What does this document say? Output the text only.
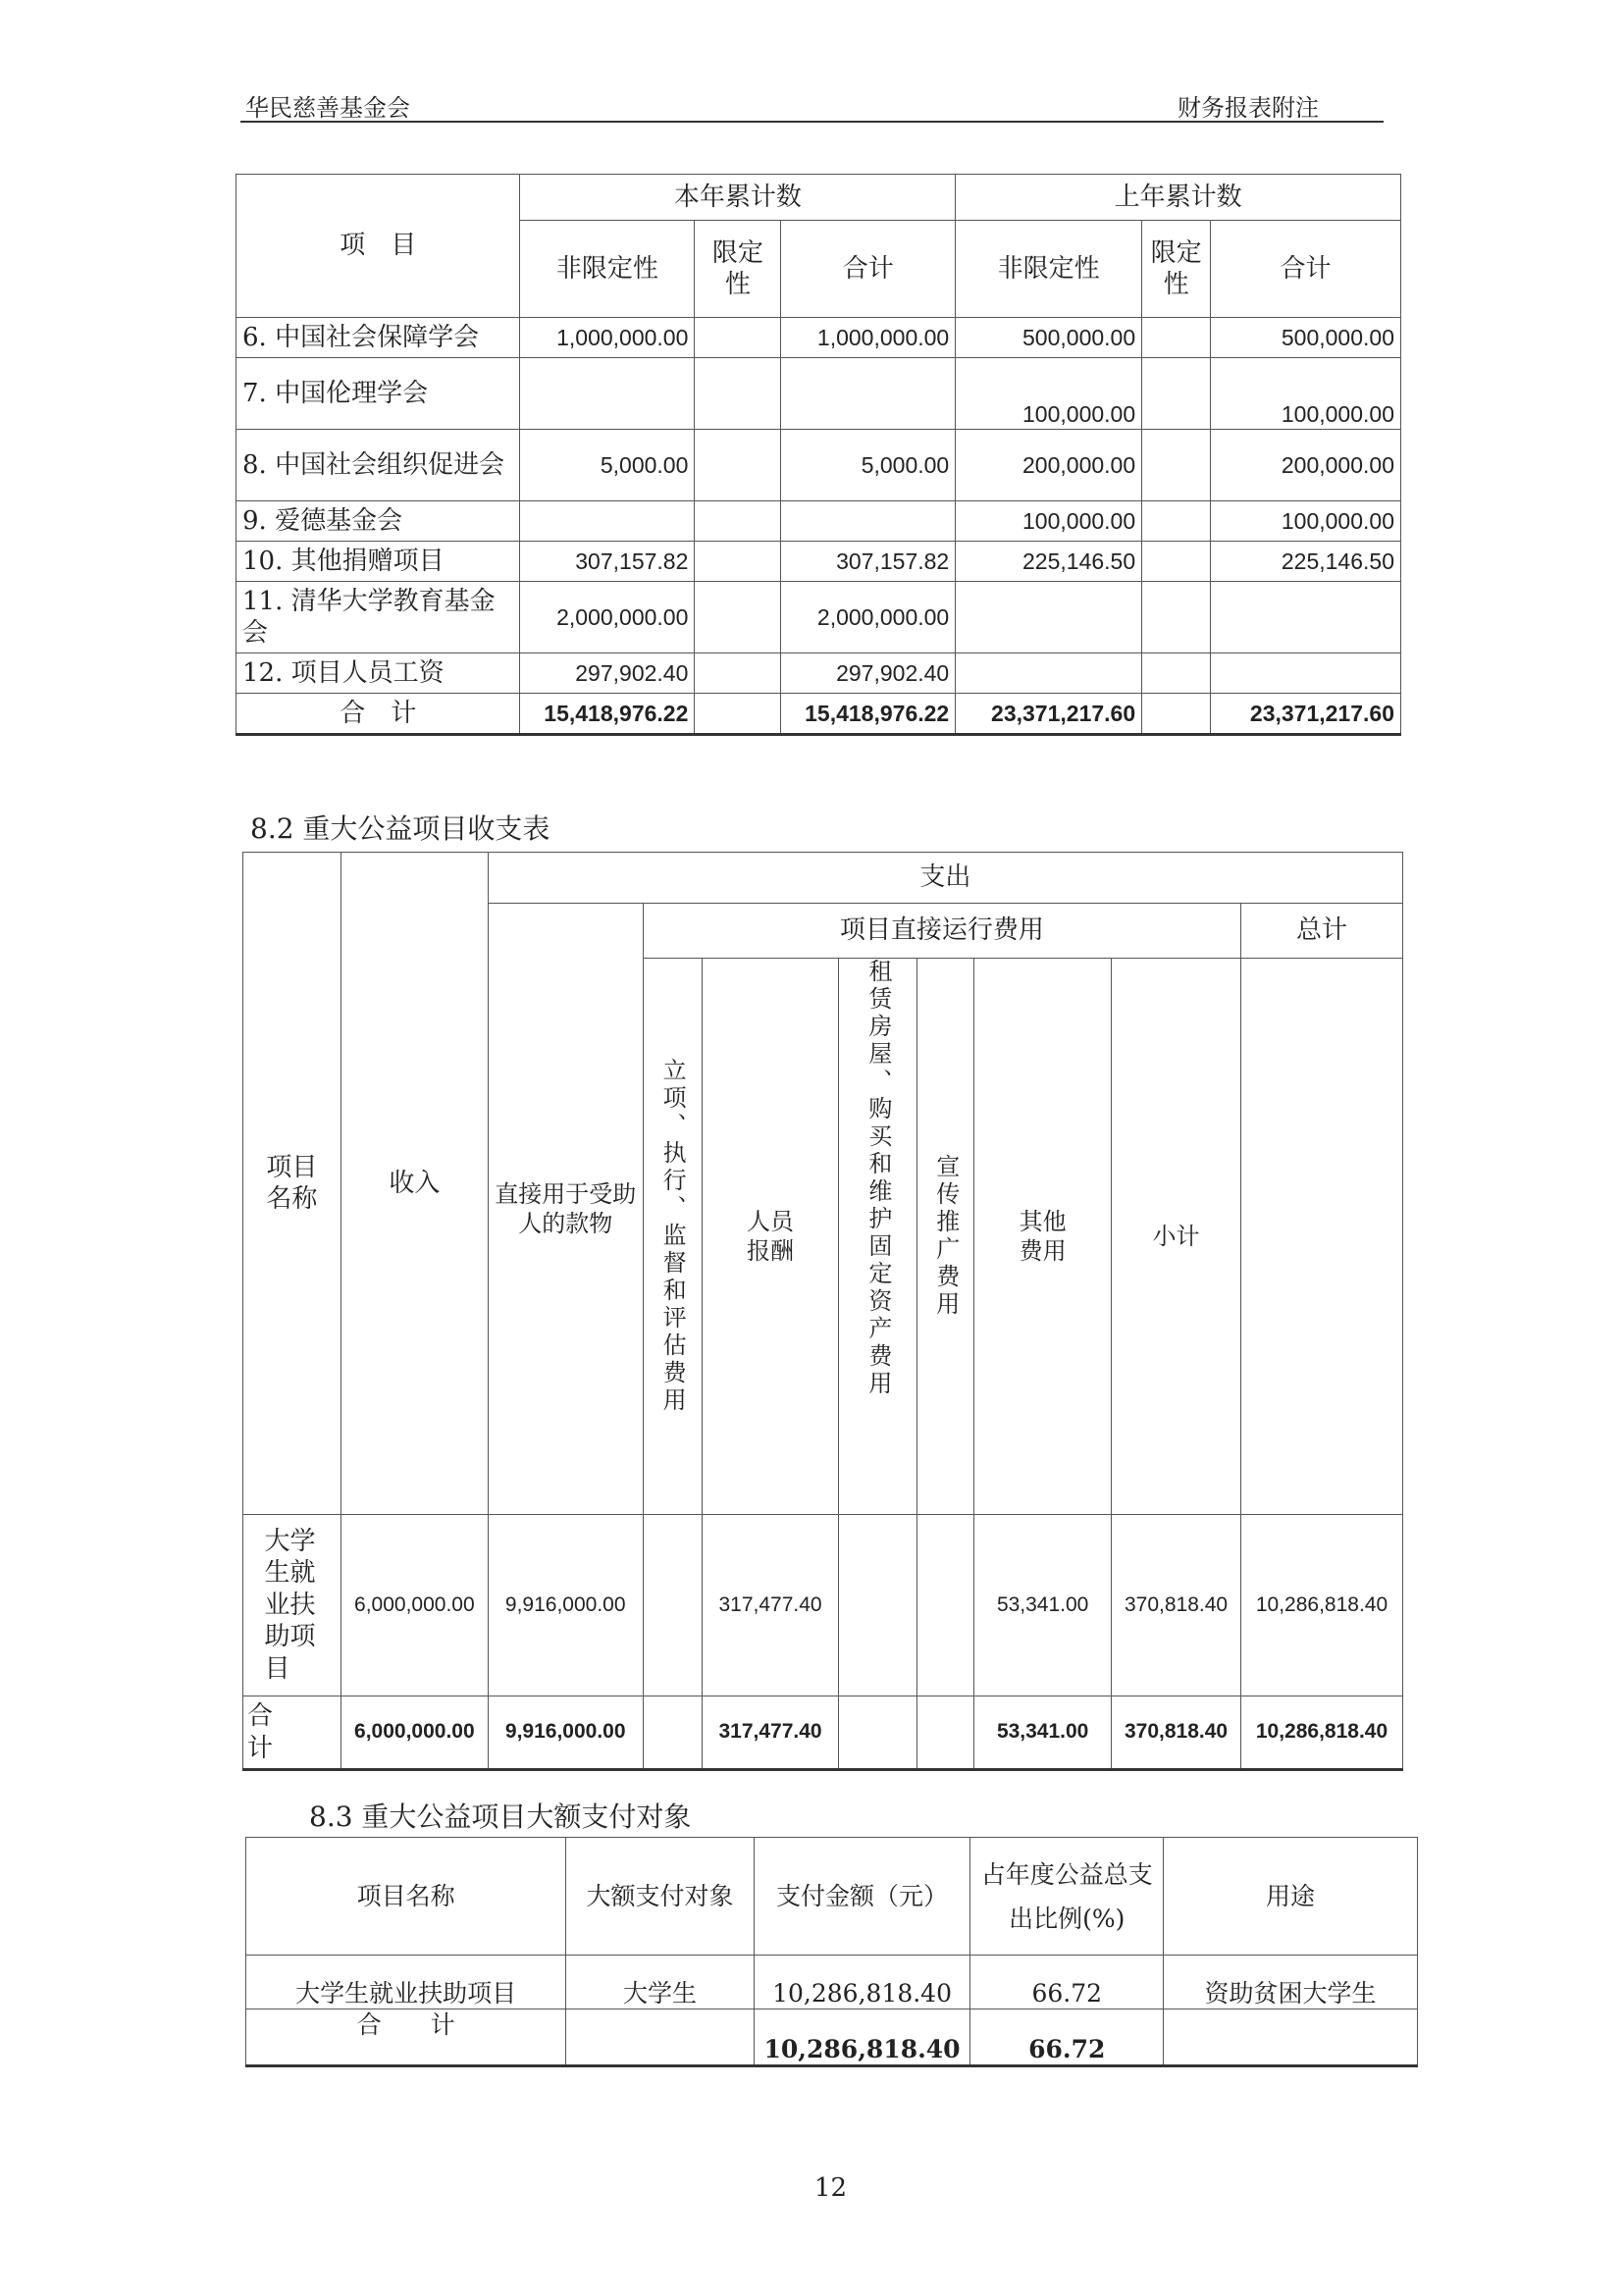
华民慈善基金会	财务报表附注
项　目	本年累计数			上年累计数		
	非限定性	限定性	合计	非限定性	限定性	合计
6. 中国社会保障学会	1,000,000.00		1,000,000.00	500,000.00		500,000.00
7. 中国伦理学会				100,000.00		100,000.00
8. 中国社会组织促进会	5,000.00		5,000.00	200,000.00		200,000.00
9. 爱德基金会				100,000.00		100,000.00
10. 其他捐赠项目	307,157.82		307,157.82	225,146.50		225,146.50
11. 清华大学教育基金会	2,000,000.00		2,000,000.00			
12. 项目人员工资	297,902.40		297,902.40			
合　计	15,418,976.22		15,418,976.22	23,371,217.60		23,371,217.60
8.2 重大公益项目收支表
项目名称	收入	支出							
		直接用于受助人的款物	项目直接运行费用						总计

			立项、执行、监督和评估费用	人员报酬	租赁房屋、购买和维护固定资产费用	宣传推广费用	其他费用	小计	
大学生就业扶助项目	6,000,000.00	9,916,000.00		317,477.40			53,341.00	370,818.40	10,286,818.40
合计	6,000,000.00	9,916,000.00		317,477.40			53,341.00	370,818.40	10,286,818.40
8.3 重大公益项目大额支付对象
项目名称	大额支付对象	支付金额（元）	占年度公益总支出比例(%)	用途
大学生就业扶助项目	大学生	10,286,818.40	66.72	资助贫困大学生
合　　计		10,286,818.40	66.72	
12
